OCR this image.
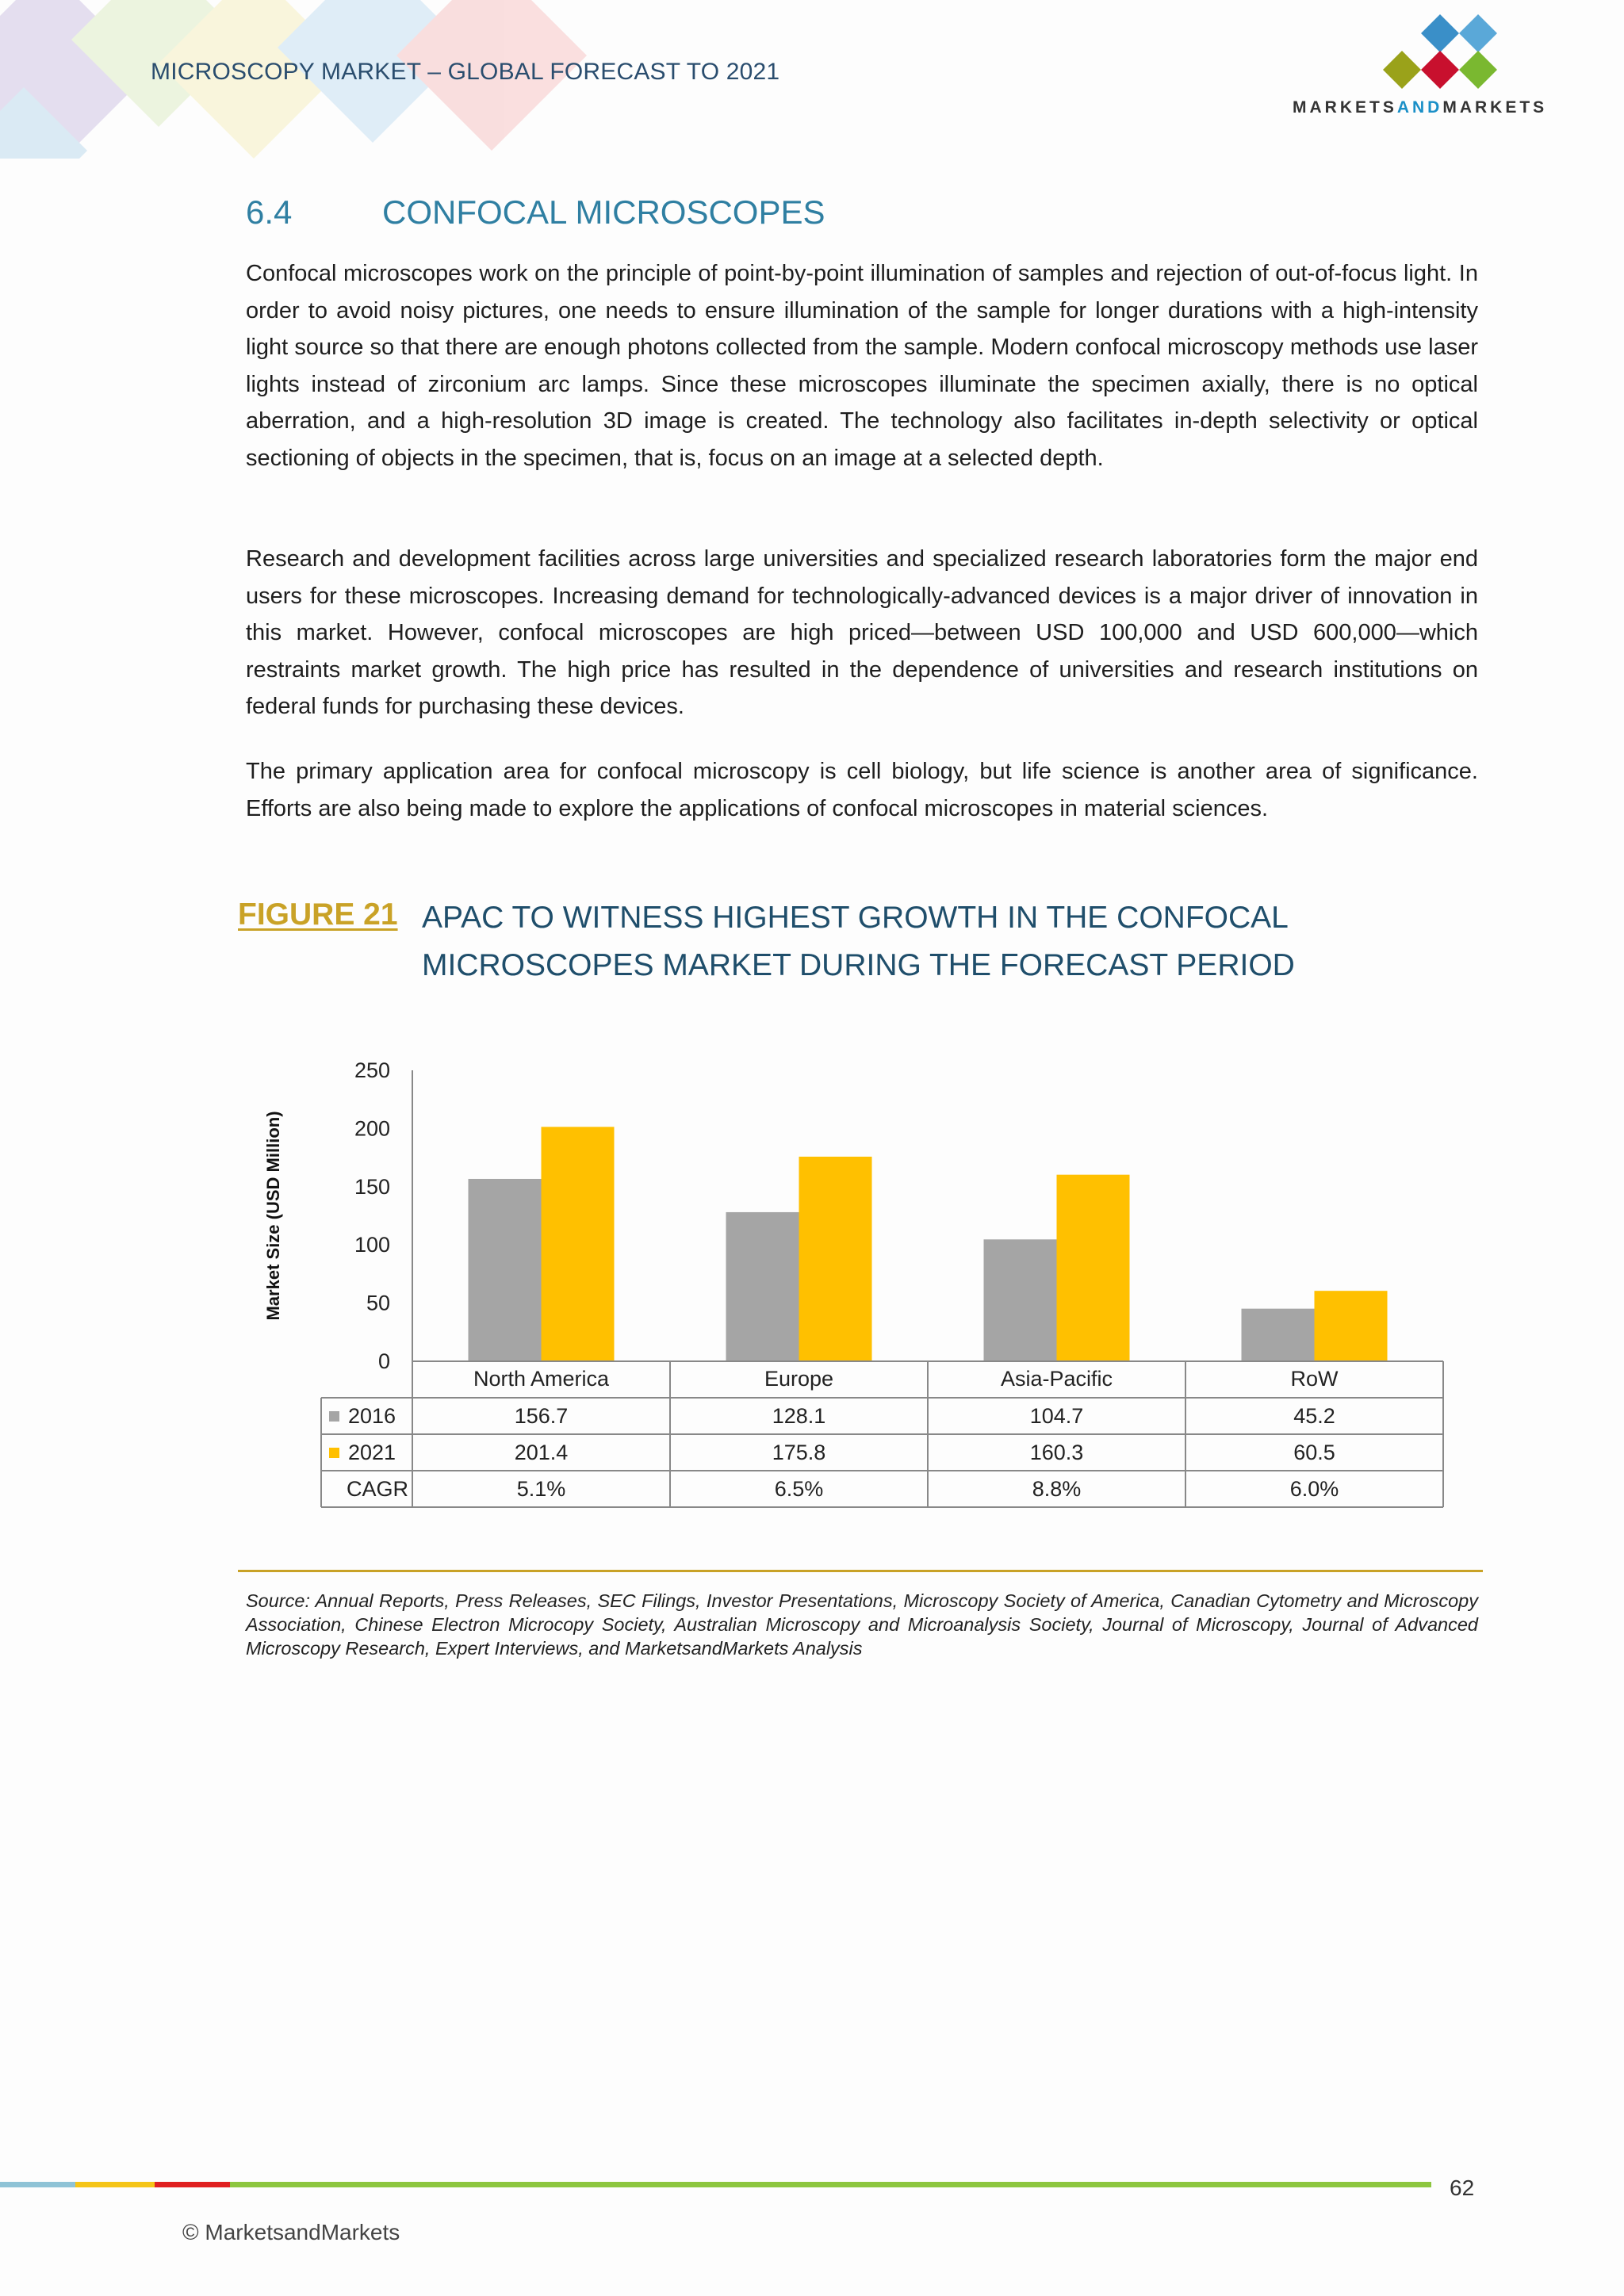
MICROSCOPY MARKET – GLOBAL FORECAST TO 2021
MARKETSANDMARKETS
6.4	CONFOCAL MICROSCOPES

Confocal microscopes work on the principle of point-by-point illumination of samples and rejection of out-of-focus light. In order to avoid noisy pictures, one needs to ensure illumination of the sample for longer durations with a high-intensity light source so that there are enough photons collected from the sample. Modern confocal microscopy methods use laser lights instead of zirconium arc lamps. Since these microscopes illuminate the specimen axially, there is no optical aberration, and a high-resolution 3D image is created. The technology also facilitates in-depth selectivity or optical sectioning of objects in the specimen, that is, focus on an image at a selected depth.

Research and development facilities across large universities and specialized research laboratories form the major end users for these microscopes. Increasing demand for technologically-advanced devices is a major driver of innovation in this market. However, confocal microscopes are high priced—between USD 100,000 and USD 600,000—which restraints market growth. The high price has resulted in the dependence of universities and research institutions on federal funds for purchasing these devices.

The primary application area for confocal microscopy is cell biology, but life science is another area of significance. Efforts are also being made to explore the applications of confocal microscopes in material sciences.

FIGURE 21 APAC TO WITNESS HIGHEST GROWTH IN THE CONFOCAL MICROSCOPES MARKET DURING THE FORECAST PERIOD
Market Size (USD Million)
0
50
100
150
200
250
North America	Europe	Asia-Pacific	RoW
2016	156.7	128.1	104.7	45.2
2021	201.4	175.8	160.3	60.5
CAGR	5.1%	6.5%	8.8%	6.0%
Source: Annual Reports, Press Releases, SEC Filings, Investor Presentations, Microscopy Society of America, Canadian Cytometry and Microscopy Association, Chinese Electron Microcopy Society, Australian Microscopy and Microanalysis Society, Journal of Microscopy, Journal of Advanced Microscopy Research, Expert Interviews, and MarketsandMarkets Analysis
62
© MarketsandMarkets
